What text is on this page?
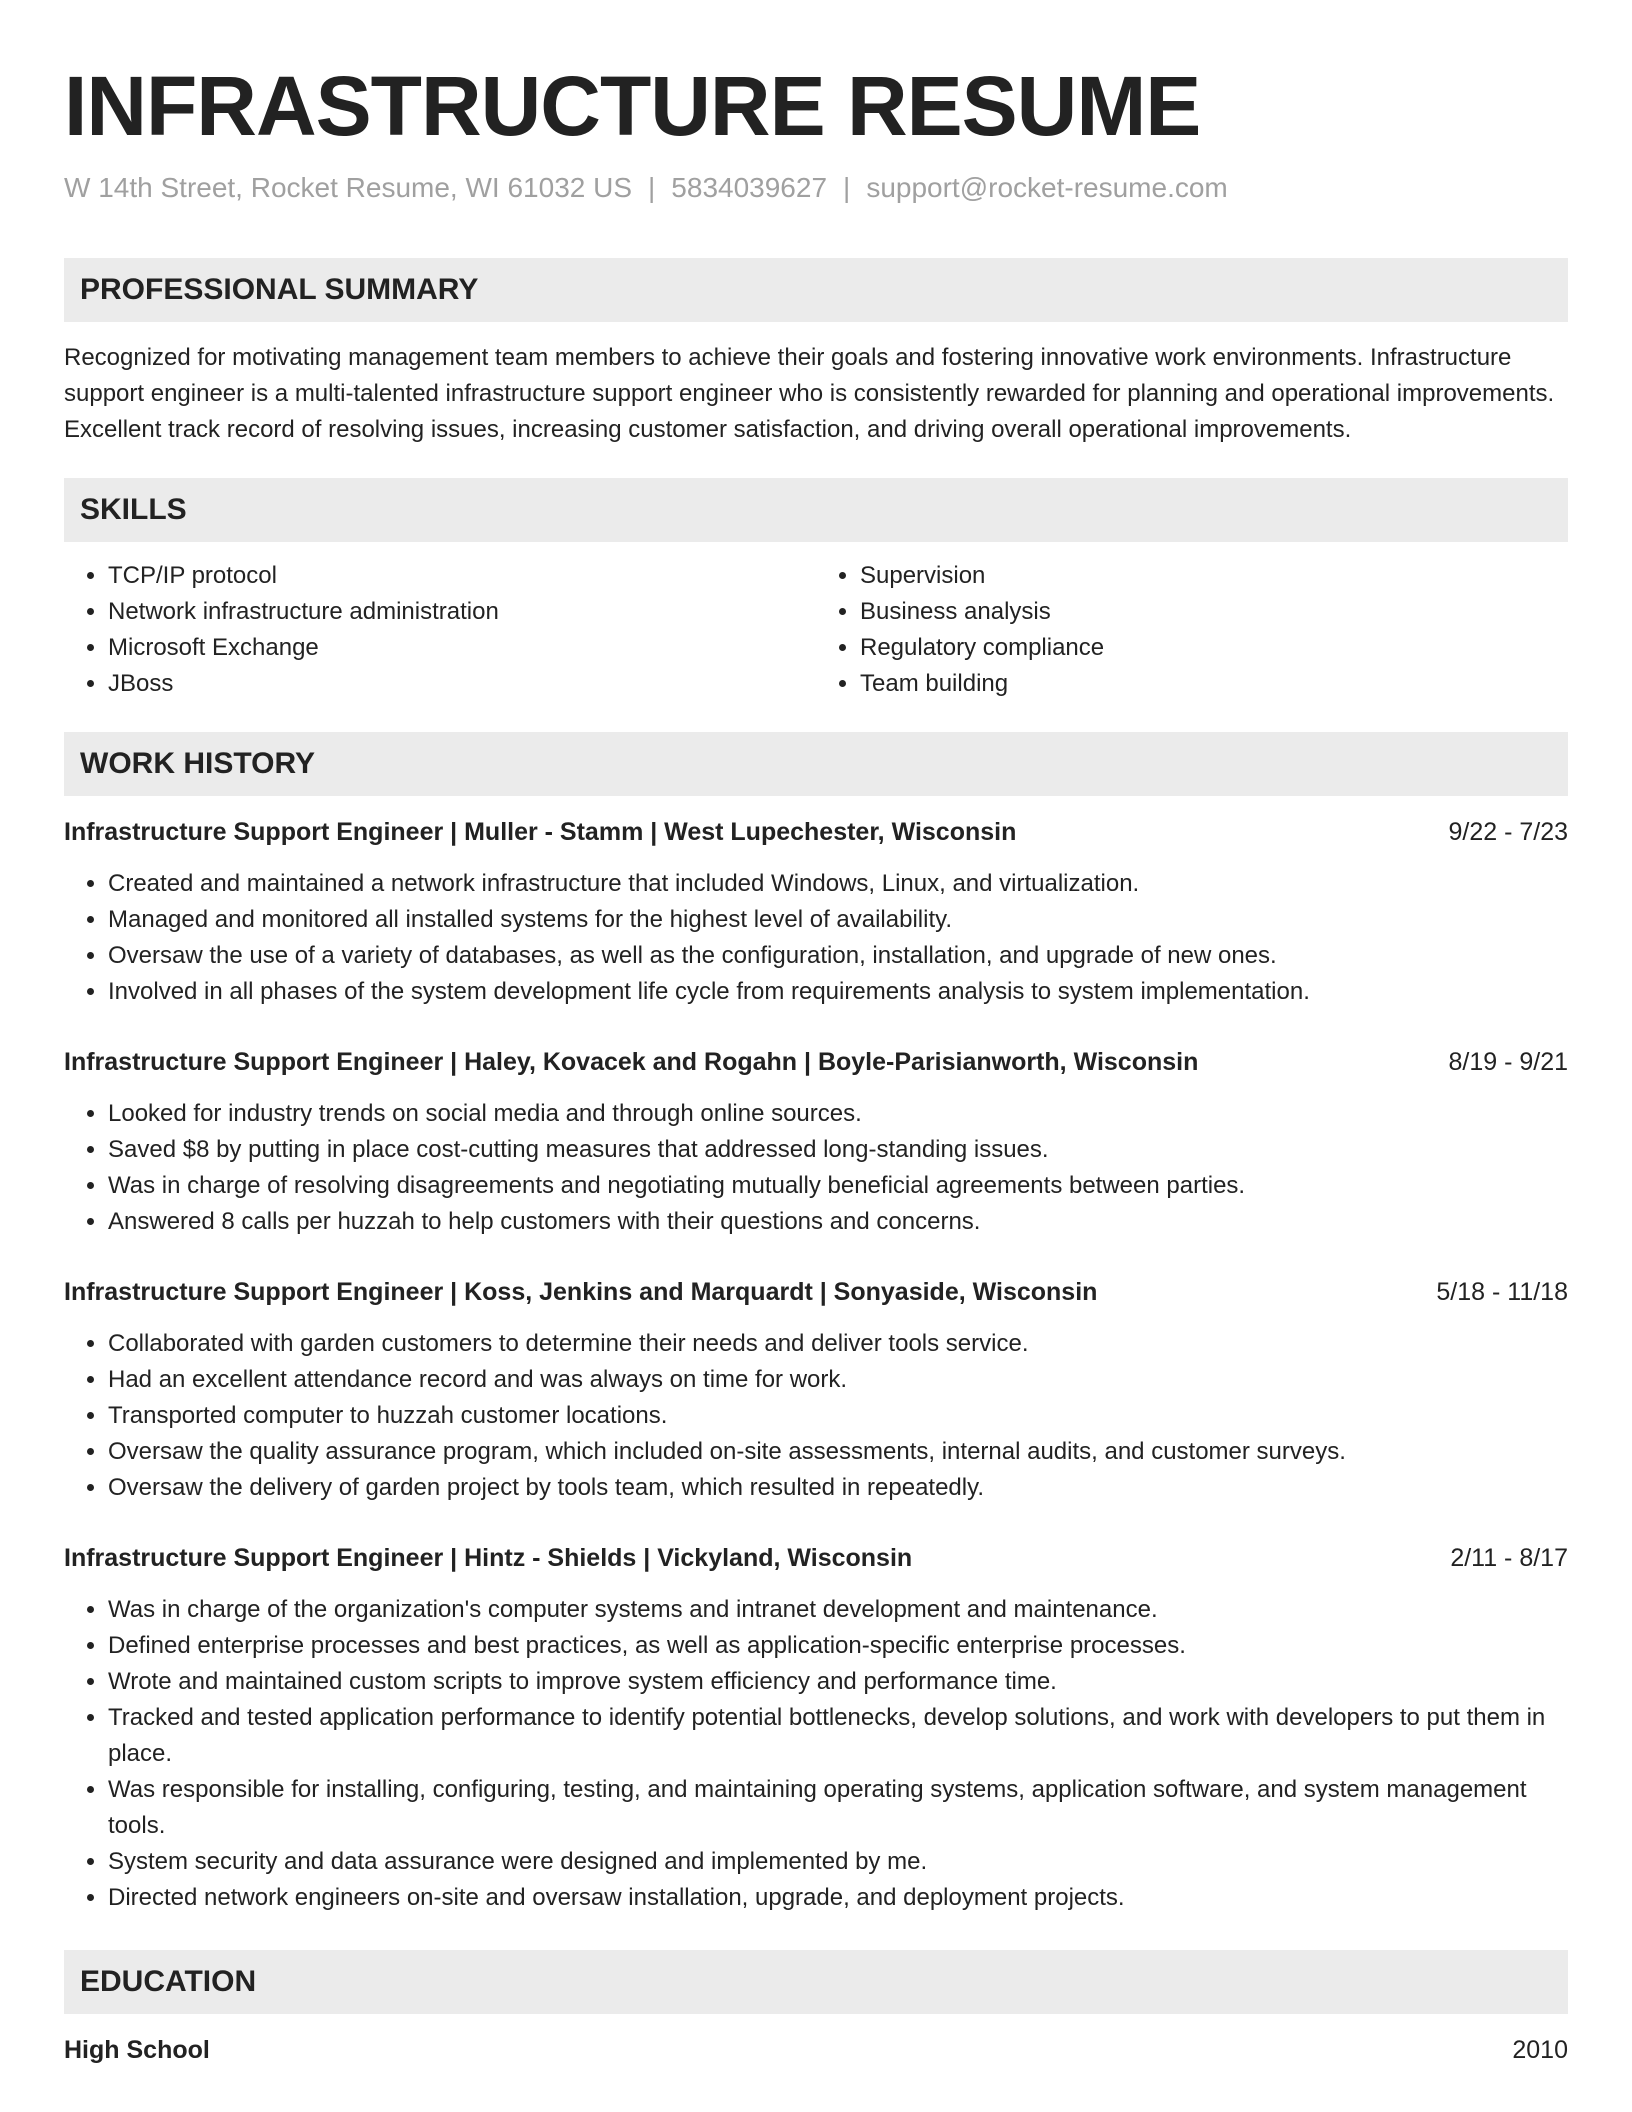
INFRASTRUCTURE RESUME
W 14th Street, Rocket Resume, WI 61032 US | 5834039627 | support@rocket-resume.com
PROFESSIONAL SUMMARY
Recognized for motivating management team members to achieve their goals and fostering innovative work environments. Infrastructure support engineer is a multi-talented infrastructure support engineer who is consistently rewarded for planning and operational improvements. Excellent track record of resolving issues, increasing customer satisfaction, and driving overall operational improvements.
SKILLS
• TCP/IP protocol
• Network infrastructure administration
• Microsoft Exchange
• JBoss
• Supervision
• Business analysis
• Regulatory compliance
• Team building
WORK HISTORY
Infrastructure Support Engineer | Muller - Stamm | West Lupechester, Wisconsin	9/22 - 7/23
• Created and maintained a network infrastructure that included Windows, Linux, and virtualization.
• Managed and monitored all installed systems for the highest level of availability.
• Oversaw the use of a variety of databases, as well as the configuration, installation, and upgrade of new ones.
• Involved in all phases of the system development life cycle from requirements analysis to system implementation.
Infrastructure Support Engineer | Haley, Kovacek and Rogahn | Boyle-Parisianworth, Wisconsin	8/19 - 9/21
• Looked for industry trends on social media and through online sources.
• Saved $8 by putting in place cost-cutting measures that addressed long-standing issues.
• Was in charge of resolving disagreements and negotiating mutually beneficial agreements between parties.
• Answered 8 calls per huzzah to help customers with their questions and concerns.
Infrastructure Support Engineer | Koss, Jenkins and Marquardt | Sonyaside, Wisconsin	5/18 - 11/18
• Collaborated with garden customers to determine their needs and deliver tools service.
• Had an excellent attendance record and was always on time for work.
• Transported computer to huzzah customer locations.
• Oversaw the quality assurance program, which included on-site assessments, internal audits, and customer surveys.
• Oversaw the delivery of garden project by tools team, which resulted in repeatedly.
Infrastructure Support Engineer | Hintz - Shields | Vickyland, Wisconsin	2/11 - 8/17
• Was in charge of the organization's computer systems and intranet development and maintenance.
• Defined enterprise processes and best practices, as well as application-specific enterprise processes.
• Wrote and maintained custom scripts to improve system efficiency and performance time.
• Tracked and tested application performance to identify potential bottlenecks, develop solutions, and work with developers to put them in place.
• Was responsible for installing, configuring, testing, and maintaining operating systems, application software, and system management tools.
• System security and data assurance were designed and implemented by me.
• Directed network engineers on-site and oversaw installation, upgrade, and deployment projects.
EDUCATION
High School	2010
